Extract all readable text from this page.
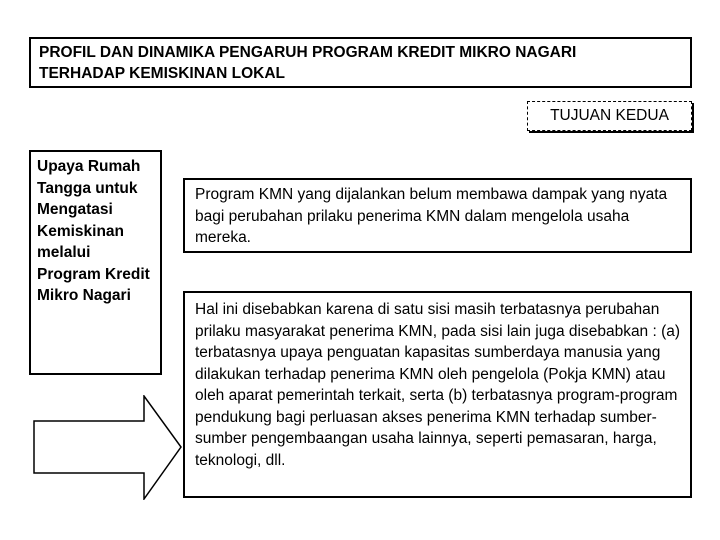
PROFIL DAN DINAMIKA PENGARUH PROGRAM KREDIT MIKRO NAGARI
TERHADAP KEMISKINAN LOKAL
TUJUAN KEDUA
Upaya Rumah Tangga untuk Mengatasi Kemiskinan melalui Program Kredit Mikro Nagari
Program KMN yang dijalankan belum membawa dampak yang nyata bagi perubahan prilaku penerima KMN dalam mengelola usaha mereka.
Hal ini disebabkan karena di satu sisi masih terbatasnya perubahan prilaku masyarakat penerima KMN, pada sisi lain juga disebabkan : (a) terbatasnya upaya penguatan kapasitas sumberdaya manusia yang dilakukan terhadap penerima KMN oleh pengelola (Pokja KMN) atau oleh aparat pemerintah terkait, serta (b) terbatasnya program-program pendukung bagi perluasan akses penerima KMN terhadap sumber-sumber pengembaangan usaha lainnya, seperti pemasaran, harga, teknologi, dll.
